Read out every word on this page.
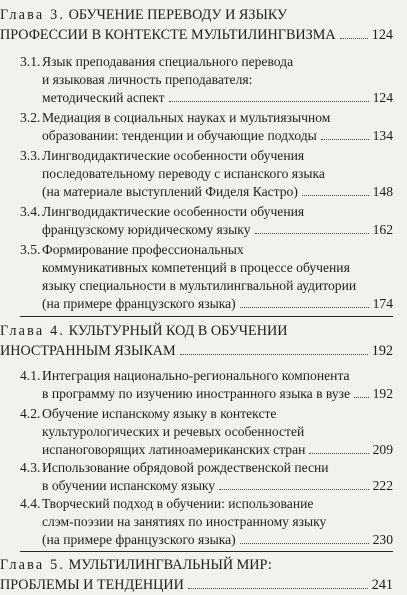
Глава 3. ОБУЧЕНИЕ ПЕРЕВОДУ И ЯЗЫКУ
ПРОФЕССИИ В КОНТЕКСТЕ МУЛЬТИЛИНГВИЗМА	124
3.1. Язык преподавания специального перевода
и языковая личность преподавателя:
методический аспект	124
3.2. Медиация в социальных науках и мультиязычном
образовании: тенденции и обучающие подходы	134
3.3. Лингводидактические особенности обучения
последовательному переводу с испанского языка
(на материале выступлений Фиделя Кастро)	148
3.4. Лингводидактические особенности обучения
французскому юридическому языку	162
3.5. Формирование профессиональных
коммуникативных компетенций в процессе обучения
языку специальности в мультилингвальной аудитории
(на примере французского языка)	174
Глава 4. КУЛЬТУРНЫЙ КОД В ОБУЧЕНИИ
ИНОСТРАННЫМ ЯЗЫКАМ	192
4.1. Интеграция национально-регионального компонента
в программу по изучению иностранного языка в вузе 192
4.2. Обучение испанскому языку в контексте
культурологических и речевых особенностей
испаноговорящих латиноамериканских стран	209
4.3. Использование обрядовой рождественской песни
в обучении испанскому языку	222
4.4. Творческий подход в обучении: использование
слэм-поэзии на занятиях по иностранному языку
(на примере французского языка)	230
Глава 5. МУЛЬТИЛИНГВАЛЬНЫЙ МИР:
ПРОБЛЕМЫ И ТЕНДЕНЦИИ	241
